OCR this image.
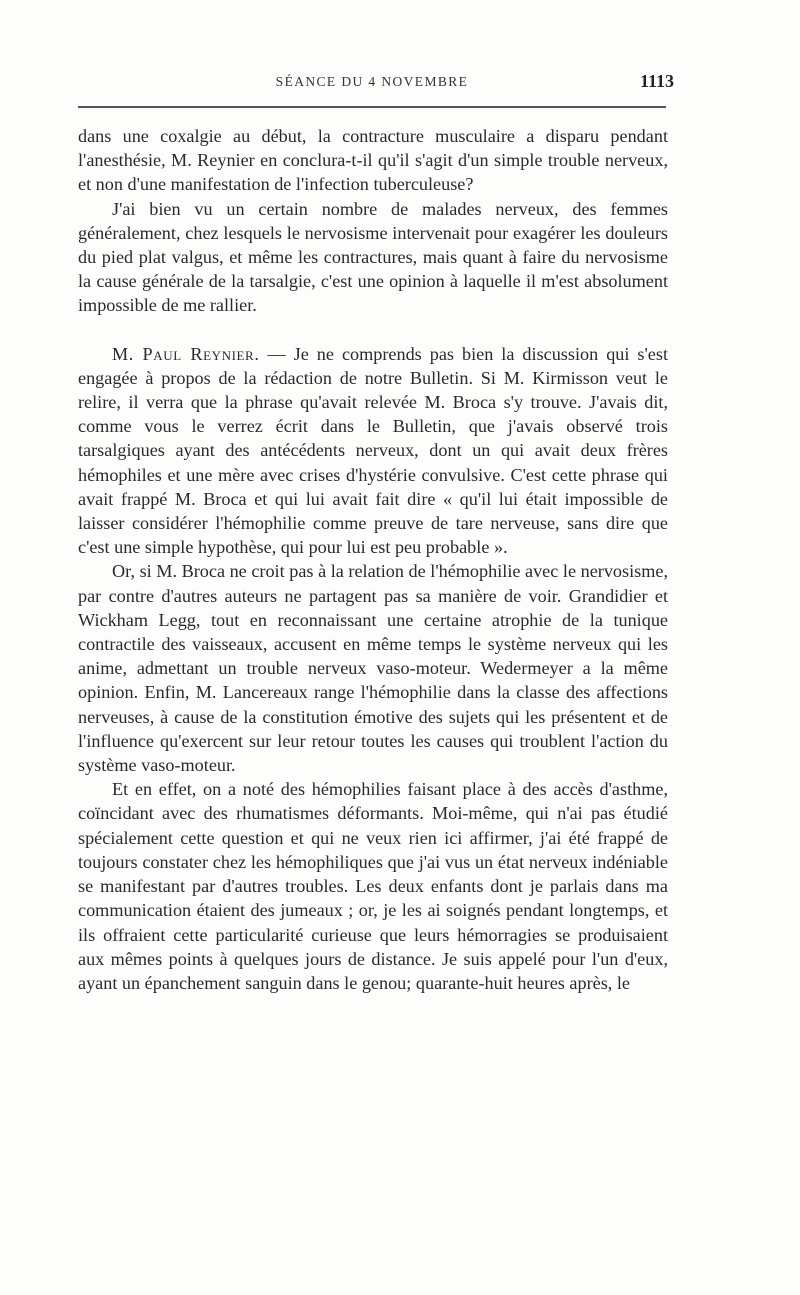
SÉANCE DU 4 NOVEMBRE	1113

dans une coxalgie au début, la contracture musculaire a disparu pendant l'anesthésie, M. Reynier en conclura-t-il qu'il s'agit d'un simple trouble nerveux, et non d'une manifestation de l'infection tuberculeuse?

J'ai bien vu un certain nombre de malades nerveux, des femmes généralement, chez lesquels le nervosisme intervenait pour exagérer les douleurs du pied plat valgus, et même les contractures, mais quant à faire du nervosisme la cause générale de la tarsalgie, c'est une opinion à laquelle il m'est absolument impossible de me rallier.

M. Paul Reynier. — Je ne comprends pas bien la discussion qui s'est engagée à propos de la rédaction de notre Bulletin. Si M. Kirmisson veut le relire, il verra que la phrase qu'avait relevée M. Broca s'y trouve. J'avais dit, comme vous le verrez écrit dans le Bulletin, que j'avais observé trois tarsalgiques ayant des antécédents nerveux, dont un qui avait deux frères hémophiles et une mère avec crises d'hystérie convulsive. C'est cette phrase qui avait frappé M. Broca et qui lui avait fait dire « qu'il lui était impossible de laisser considérer l'hémophilie comme preuve de tare nerveuse, sans dire que c'est une simple hypothèse, qui pour lui est peu probable ».

Or, si M. Broca ne croit pas à la relation de l'hémophilie avec le nervosisme, par contre d'autres auteurs ne partagent pas sa manière de voir. Grandidier et Wickham Legg, tout en reconnaissant une certaine atrophie de la tunique contractile des vaisseaux, accusent en même temps le système nerveux qui les anime, admettant un trouble nerveux vaso-moteur. Wedermeyer a la même opinion. Enfin, M. Lancereaux range l'hémophilie dans la classe des affections nerveuses, à cause de la constitution émotive des sujets qui les présentent et de l'influence qu'exercent sur leur retour toutes les causes qui troublent l'action du système vaso-moteur.

Et en effet, on a noté des hémophilies faisant place à des accès d'asthme, coïncidant avec des rhumatismes déformants. Moi-même, qui n'ai pas étudié spécialement cette question et qui ne veux rien ici affirmer, j'ai été frappé de toujours constater chez les hémophiliques que j'ai vus un état nerveux indéniable se manifestant par d'autres troubles. Les deux enfants dont je parlais dans ma communication étaient des jumeaux ; or, je les ai soignés pendant longtemps, et ils offraient cette particularité curieuse que leurs hémorragies se produisaient aux mêmes points à quelques jours de distance. Je suis appelé pour l'un d'eux, ayant un épanchement sanguin dans le genou; quarante-huit heures après, le
